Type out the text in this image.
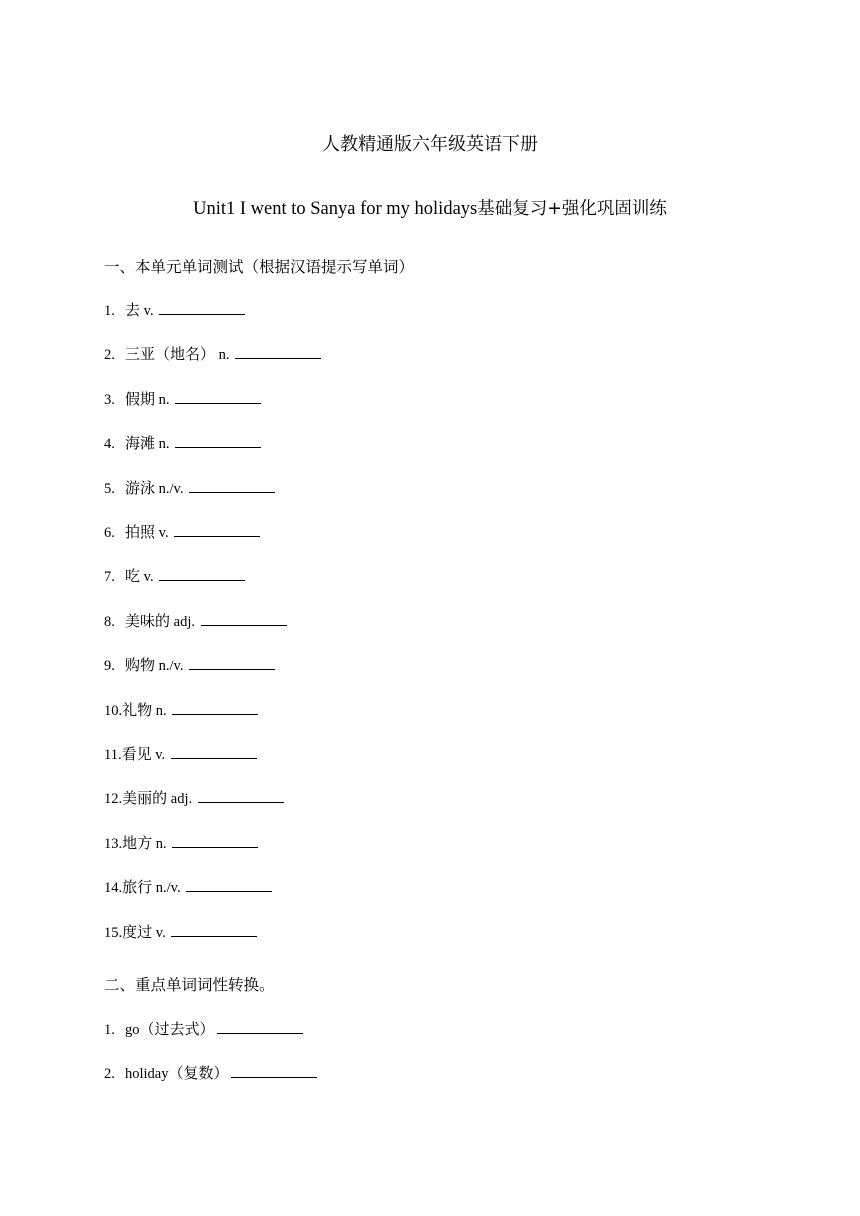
人教精通版六年级英语下册
Unit1 I went to Sanya for my holidays基础复习+强化巩固训练
一、本单元单词测试（根据汉语提示写单词）
1. 去 v.
2. 三亚（地名） n.
3. 假期 n.
4. 海滩 n.
5. 游泳 n./v.
6. 拍照 v.
7. 吃 v.
8. 美味的 adj.
9. 购物 n./v.
10.礼物 n.
11.看见 v.
12.美丽的 adj.
13.地方 n.
14.旅行 n./v.
15.度过 v.
二、重点单词词性转换。
1. go（过去式）
2. holiday（复数）
